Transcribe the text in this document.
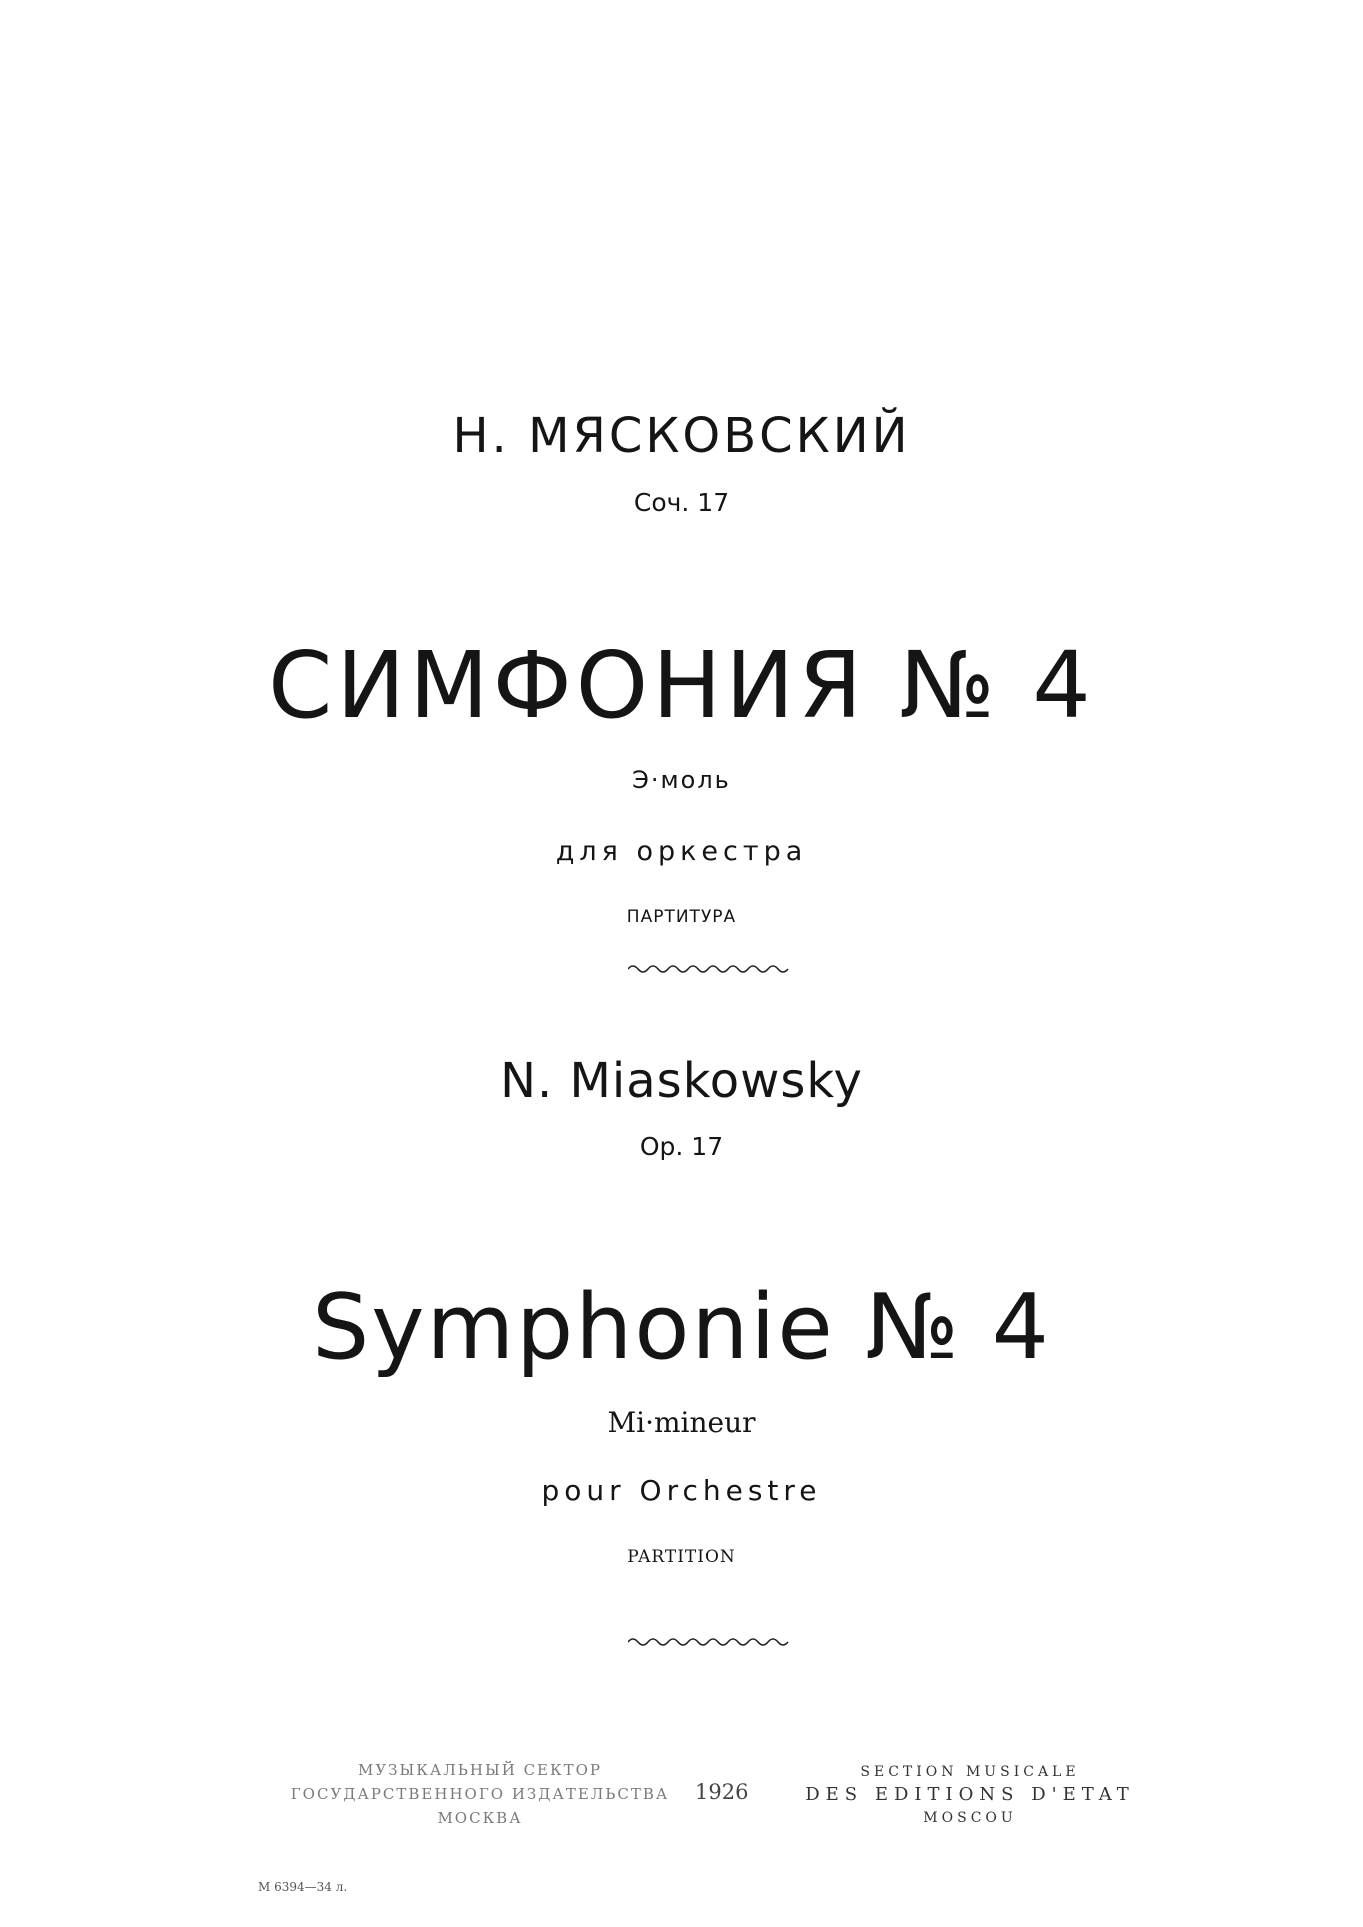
Н. МЯСКОВСКИЙ
Соч. 17
СИМФОНИЯ № 4
Э·моль
для оркестра
ПАРТИТУРА
N. Miaskowsky
Op. 17
Symphonie № 4
Mi·mineur
pour Orchestre
PARTITION
МУЗЫКАЛЬНЫЙ СЕКТОР
ГОСУДАРСТВЕННОГО ИЗДАТЕЛЬСТВА
МОСКВА
1926
SECTION MUSICALE
DES EDITIONS D'ETAT
MOSCOU
М 6394—34 л.
